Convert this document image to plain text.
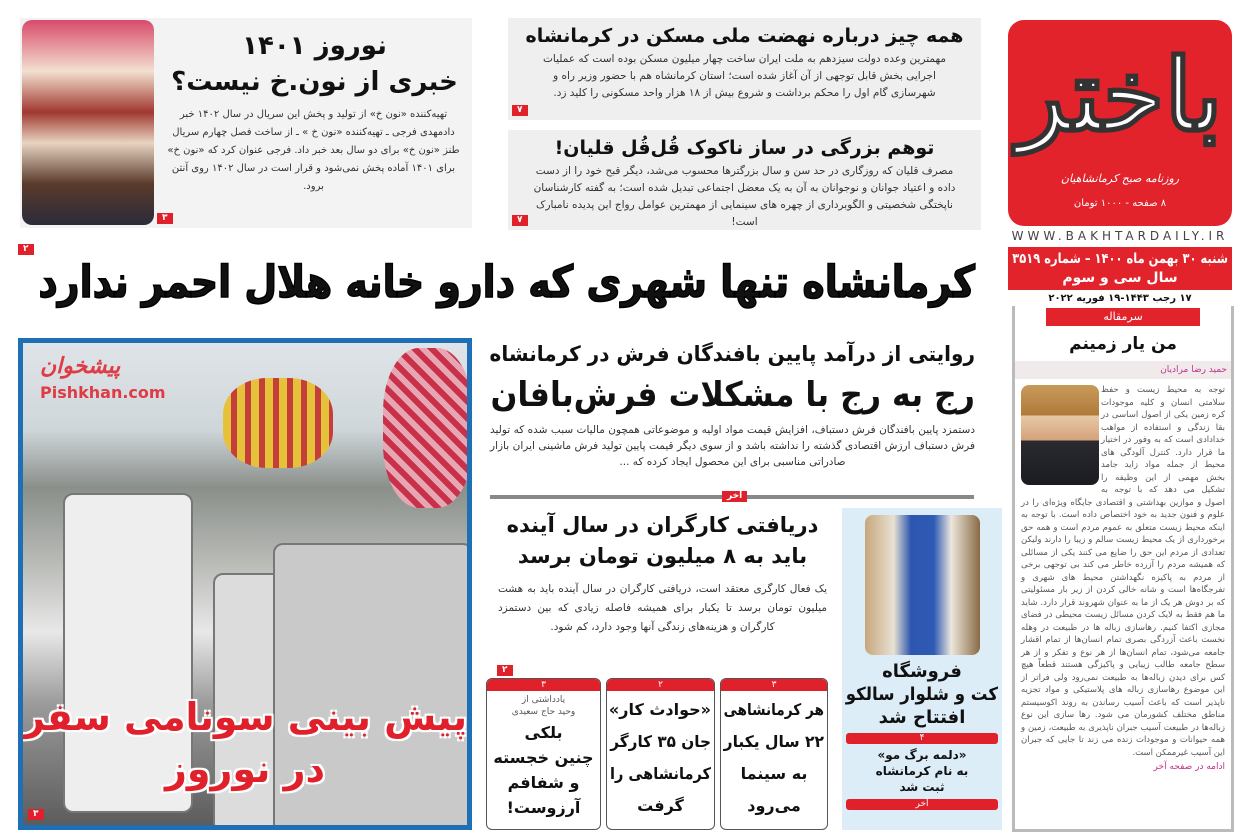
باختر
روزنامه صبح کرمانشاهیان
۸ صفحه - ۱۰۰۰ تومان
WWW.BAKHTARDAILY.IR
شنبه ۳۰ بهمن ماه ۱۴۰۰ – شماره ۳۵۱۹
سال سی و سوم
۱۷ رجب ۱۴۴۳-۱۹ فوریه ۲۰۲۲
سرمقاله
من یار زمینم
حمید رضا مرادیان
توجه به محیط زیست و حفظ سلامتی انسان و کلیه موجودات کره زمین یکی از اصول اساسی در بقا زندگی و استفاده از مواهب خدادادی است که به وفور در اختیار ما قرار دارد. کنترل آلودگی های محیط از جمله مواد زاید جامد بخش مهمی از این وظیفه را تشکیل می دهد که با توجه به اصول و موازین بهداشتی و اقتصادی جایگاه ویژه‌ای را در علوم و فنون جدید به خود اختصاص داده است. با توجه به اینکه محیط زیست متعلق به عموم مردم است و همه حق برخورداری از یک محیط زیست سالم و زیبا را دارند ولیکن تعدادی از مردم این حق را ضایع می کنند یکی از مسائلی که همیشه مردم را آزرده خاطر می کند بی توجهی برخی از مردم به پاکیزه نگهداشتن محیط های شهری و تفرجگاه‌ها است و شانه خالی کردن از زیر بار مسئولیتی که بر دوش هر یک از ما به عنوان شهروند قرار دارد. شاید ما هم فقط به لایک کردن مسائل زیست محیطی در فضای مجازی اکتفا کنیم. رهاسازی زباله ها در طبیعت در وهله نخست باعث آزردگی بصری تمام انسان‌ها از تمام اقشار جامعه می‌شود، تمام انسان‌ها از هر نوع و تفکر و از هر سطح جامعه طالب زیبایی و پاکیزگی هستند قطعاً هیچ کس برای دیدن زباله‌ها به طبیعت نمی‌رود ولی فراتر از این موضوع رهاسازی زباله های پلاستیکی و مواد تجزیه ناپذیر است که باعث آسیب رساندن به روند اکوسیستم مناطق مختلف کشورمان می شود. رها سازی این نوع زباله‌ها در طبیعت آسیب جبران ناپذیری به طبیعت، زمین و همه حیوانات و موجودات زنده می زند تا جایی که جبران این آسیب غیرممکن است.
ادامه در صفحه آخر
همه چیز درباره نهضت ملی مسکن در کرمانشاه

مهمترین وعده دولت سیزدهم به ملت ایران ساخت چهار میلیون مسکن بوده است که عملیات اجرایی بخش قابل توجهی از آن آغاز شده است؛ استان کرمانشاه هم با حضور وزیر راه و شهرسازی گام اول را محکم برداشت و شروع بیش از ۱۸ هزار واحد مسکونی را کلید زد.

۷
توهم بزرگی در ساز ناکوک قُل‌قُل قلیان!

مصرف قلیان که روزگاری در حد سن و سال بزرگترها محسوب می‌شد، دیگر قبح خود را از دست داده و اعتیاد جوانان و نوجوانان به آن به یک معضل اجتماعی تبدیل شده است؛ به گفته کارشناسان ناپختگی شخصیتی و الگوبرداری از چهره های سینمایی از مهمترین عوامل رواج این پدیده نامبارک است!

۷
نوروز ۱۴۰۱
خبری از نون.خ نیست؟

تهیه‌کننده «نون خ» از تولید و پخش این سریال در سال ۱۴۰۲ خبر دادمهدی فرجی ـ تهیه‌کننده «نون خ » ـ از ساخت فصل چهارم سریال طنز «نون خ» برای دو سال بعد خبر داد. فرجی عنوان کرد که «نون خ» برای ۱۴۰۱ آماده پخش نمی‌شود و قرار است در سال ۱۴۰۲ روی آنتن برود.

۳
۲
کرمانشاه تنها شهری که دارو خانه هلال احمر ندارد
پیش بینی سونامی سفر
در نوروز
۳
پیشخوان
Pishkhan.com
روایتی از درآمد پایین بافندگان فرش در کرمانشاه
رج به رج با مشکلات فرش‌بافان

دستمزد پایین بافندگان فرش دستباف، افزایش قیمت مواد اولیه و موضوعاتی همچون مالیات سبب شده که تولید فرش دستباف ارزش اقتصادی گذشته را نداشته باشد و از سوی دیگر قیمت پایین تولید فرش ماشینی ایران بازار صادراتی مناسبی برای این محصول ایجاد کرده که ...

آخر
دریافتی کارگران در سال آینده
باید به ۸ میلیون تومان برسد

یک فعال کارگری معتقد است، دریافتی کارگران در سال آینده باید به هشت میلیون تومان برسد تا یکبار برای همیشه فاصله زیادی که بین دستمزد کارگران و هزینه‌های زندگی آنها وجود دارد، کم شود.

۲
۳
هر کرمانشاهی
۲۲ سال یکبار
به سینما
می‌رود
۲
«حوادث کار»
جان ۳۵ کارگر
کرمانشاهی را
گرفت
۳
یادداشتی از
وحید حاج سعیدی
بلکی
چنین خجسته
و شفافم
آرزوست!
فروشگاه
کت و شلوار سالکو
افتتاح شد
۴
«دلمه برگ مو»
به نام کرمانشاه
ثبت شد
آخر
